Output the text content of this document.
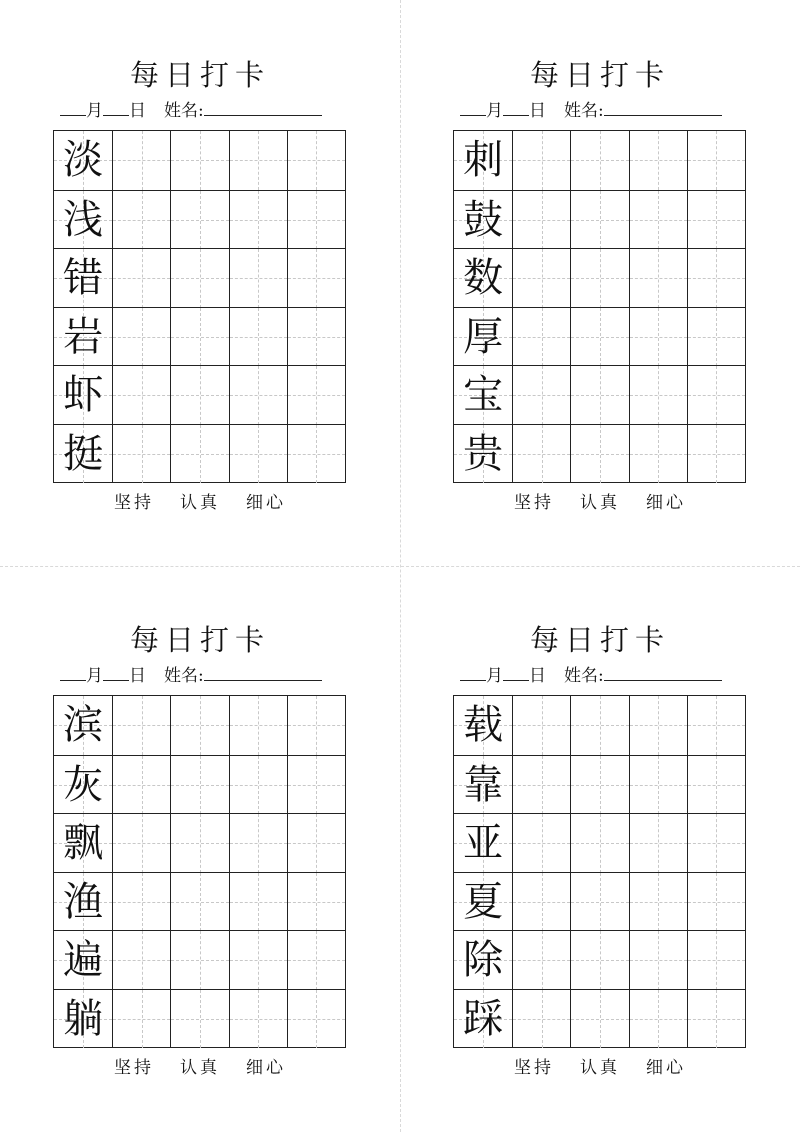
每日打卡
月 日 姓名:
淡
浅
错
岩
虾
挺
坚持 认真 细心
每日打卡
月 日 姓名:
刺
鼓
数
厚
宝
贵
坚持 认真 细心
每日打卡
月 日 姓名:
滨
灰
飘
渔
遍
躺
坚持 认真 细心
每日打卡
月 日 姓名:
载
靠
亚
夏
除
踩
坚持 认真 细心
